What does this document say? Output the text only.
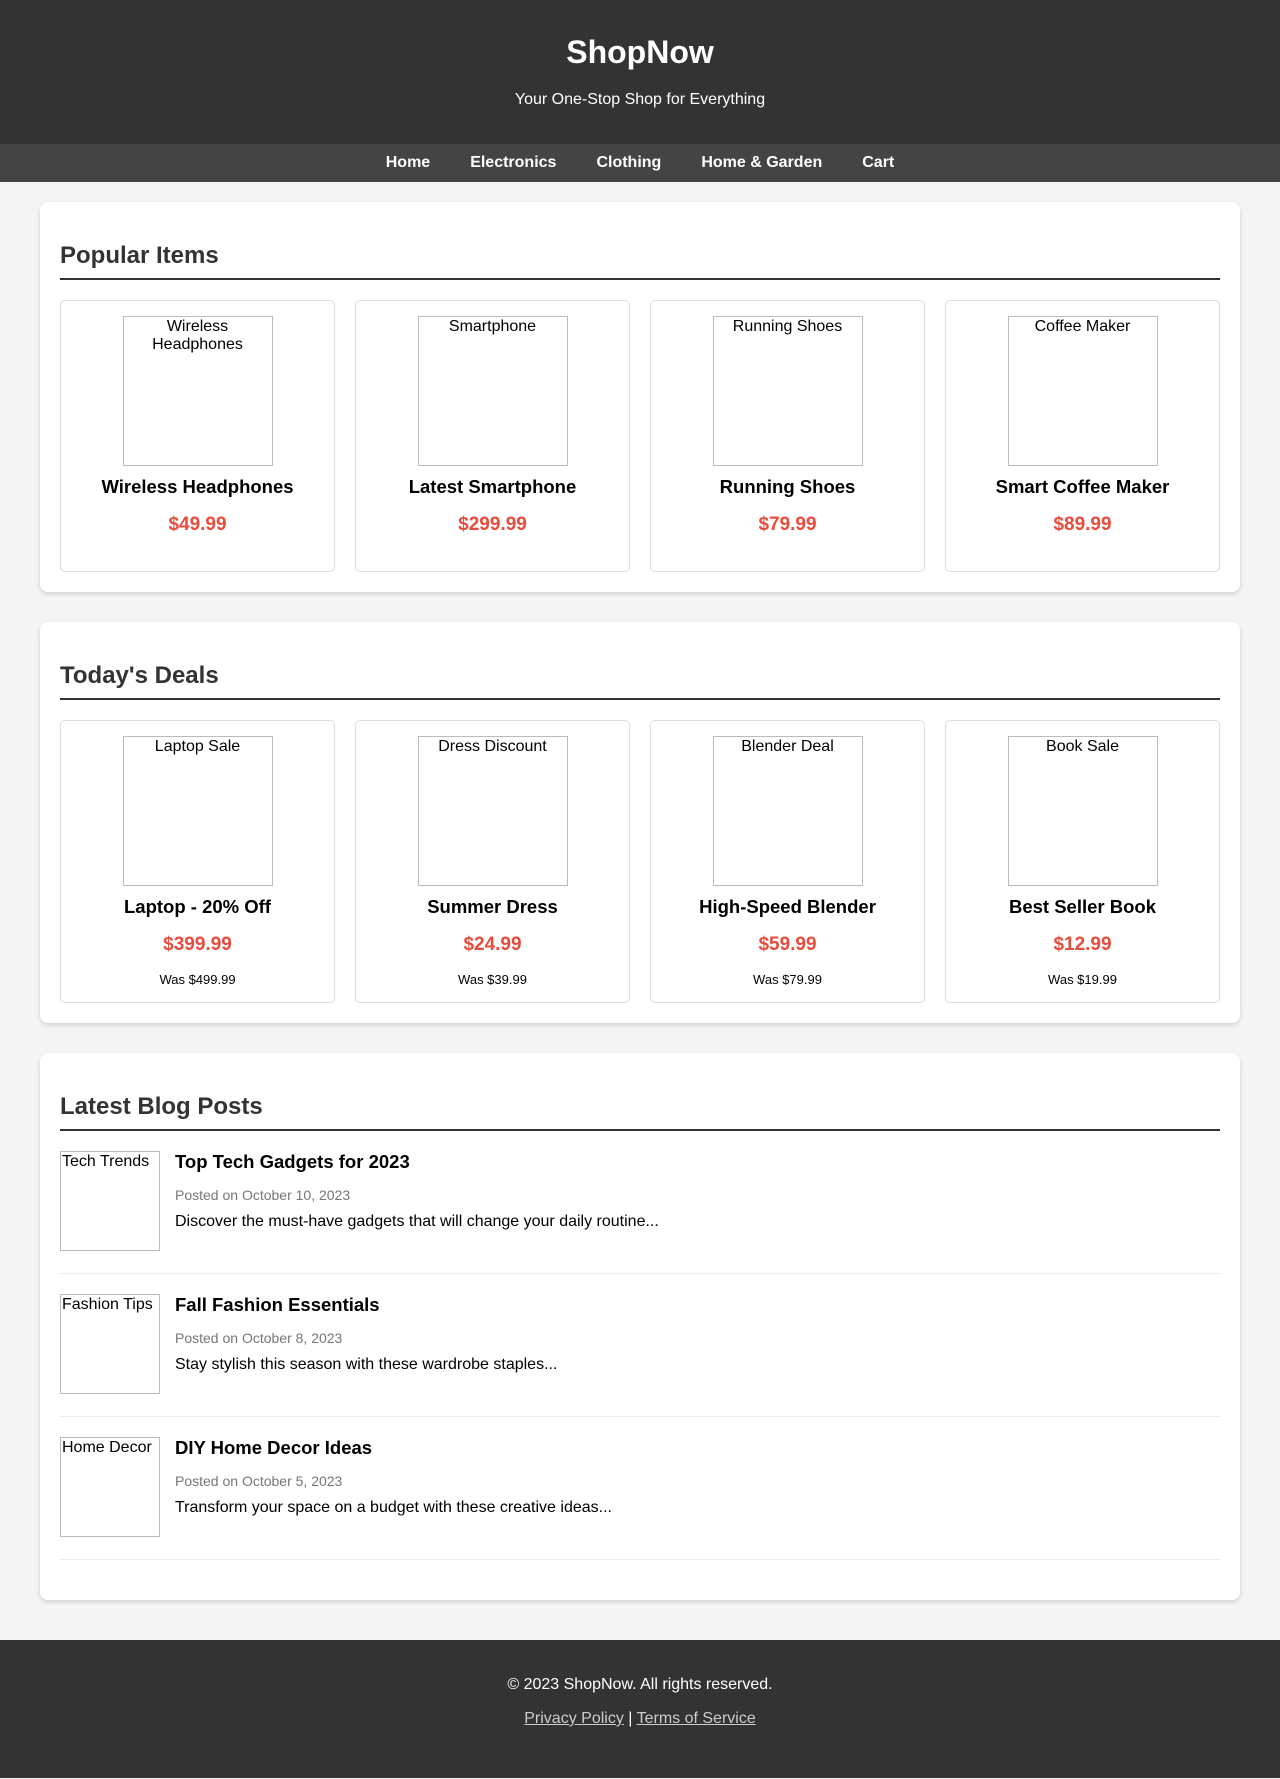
ShopNow

Your One-Stop Shop for Everything

Home	Electronics	Clothing	Home & Garden	Cart
Popular Items
Wireless Headphones
Wireless Headphones

$49.99

Smartphone
Latest Smartphone

$299.99

Running Shoes
Running Shoes

$79.99

Coffee Maker
Smart Coffee Maker

$89.99

Today's Deals
Laptop Sale
Laptop - 20% Off

$399.99

Was $499.99

Dress Discount
Summer Dress

$24.99

Was $39.99

Blender Deal
High-Speed Blender

$59.99

Was $79.99

Book Sale
Best Seller Book

$12.99

Was $19.99

Latest Blog Posts
Tech Trends	Top Tech Gadgets for 2023

Posted on October 10, 2023

Discover the must-have gadgets that will change your daily routine...

Fashion Tips	Fall Fashion Essentials

Posted on October 8, 2023

Stay stylish this season with these wardrobe staples...

Home Decor	DIY Home Decor Ideas

Posted on October 5, 2023

Transform your space on a budget with these creative ideas...

© 2023 ShopNow. All rights reserved.

Privacy Policy | Terms of Service
